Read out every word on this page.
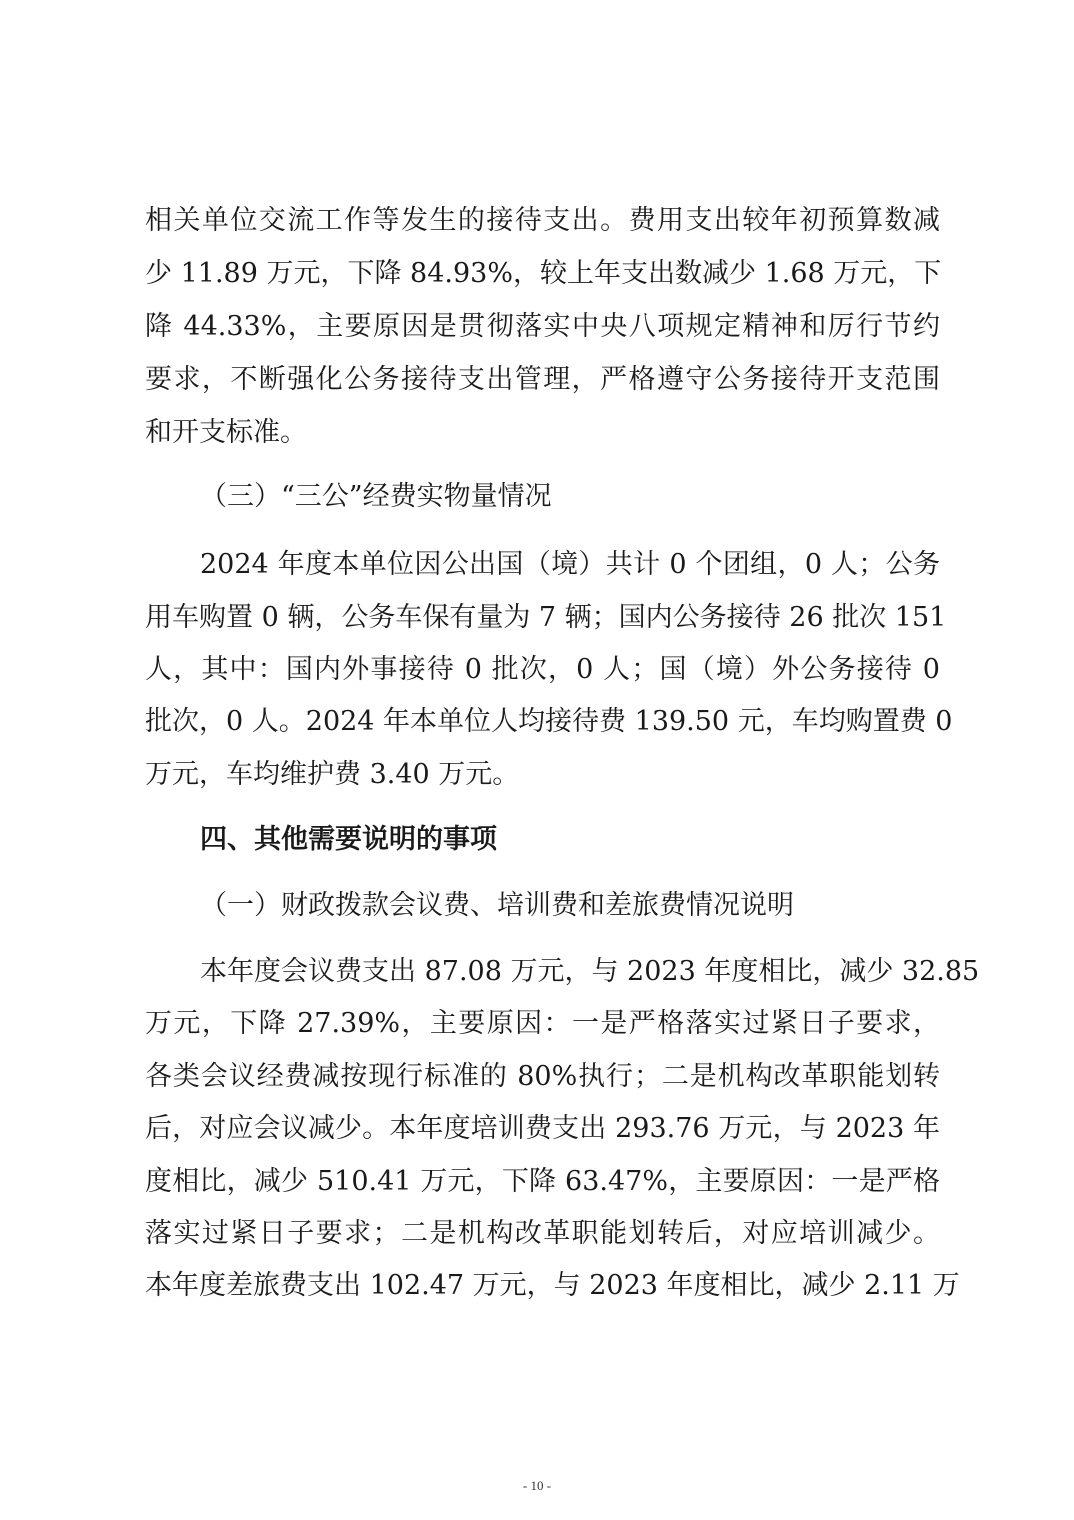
相关单位交流工作等发生的接待支出。费用支出较年初预算数减
少 11.89 万元，下降 84.93%，较上年支出数减少 1.68 万元，下
降 44.33%，主要原因是贯彻落实中央八项规定精神和厉行节约
要求，不断强化公务接待支出管理，严格遵守公务接待开支范围
和开支标准。
（三）“三公”经费实物量情况
2024 年度本单位因公出国（境）共计 0 个团组，0 人；公务
用车购置 0 辆，公务车保有量为 7 辆；国内公务接待 26 批次 151
人，其中：国内外事接待 0 批次，0 人；国（境）外公务接待 0
批次，0 人。2024 年本单位人均接待费 139.50 元，车均购置费 0
万元，车均维护费 3.40 万元。
四、其他需要说明的事项
（一）财政拨款会议费、培训费和差旅费情况说明
本年度会议费支出 87.08 万元，与 2023 年度相比，减少 32.85
万元，下降 27.39%，主要原因：一是严格落实过紧日子要求，
各类会议经费减按现行标准的 80%执行；二是机构改革职能划转
后，对应会议减少。本年度培训费支出 293.76 万元，与 2023 年
度相比，减少 510.41 万元，下降 63.47%，主要原因：一是严格
落实过紧日子要求；二是机构改革职能划转后，对应培训减少。
本年度差旅费支出 102.47 万元，与 2023 年度相比，减少 2.11 万
- 10 -
